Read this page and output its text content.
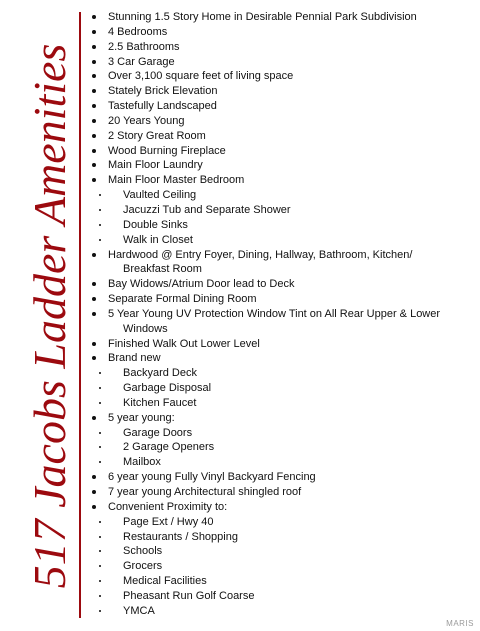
517 Jacobs Ladder Amenities
Stunning 1.5 Story Home in Desirable Pennial Park Subdivision
4 Bedrooms
2.5 Bathrooms
3 Car Garage
Over 3,100 square feet of living space
Stately Brick Elevation
Tastefully Landscaped
20 Years Young
2 Story Great Room
Wood Burning Fireplace
Main Floor Laundry
Main Floor Master Bedroom
Vaulted Ceiling
Jacuzzi Tub and Separate Shower
Double Sinks
Walk in Closet
Hardwood @ Entry Foyer, Dining, Hallway, Bathroom, Kitchen/
Breakfast Room
Bay Widows/Atrium Door lead to Deck
Separate Formal Dining Room
5 Year Young UV Protection Window Tint on All Rear Upper & Lower
Windows
Finished Walk Out Lower Level
Brand new
Backyard Deck
Garbage Disposal
Kitchen Faucet
5 year young:
Garage Doors
2 Garage Openers
Mailbox
6 year young Fully Vinyl Backyard Fencing
7 year young Architectural shingled roof
Convenient Proximity to:
Page Ext / Hwy 40
Restaurants / Shopping
Schools
Grocers
Medical Facilities
Pheasant Run Golf Coarse
YMCA
MARIS
